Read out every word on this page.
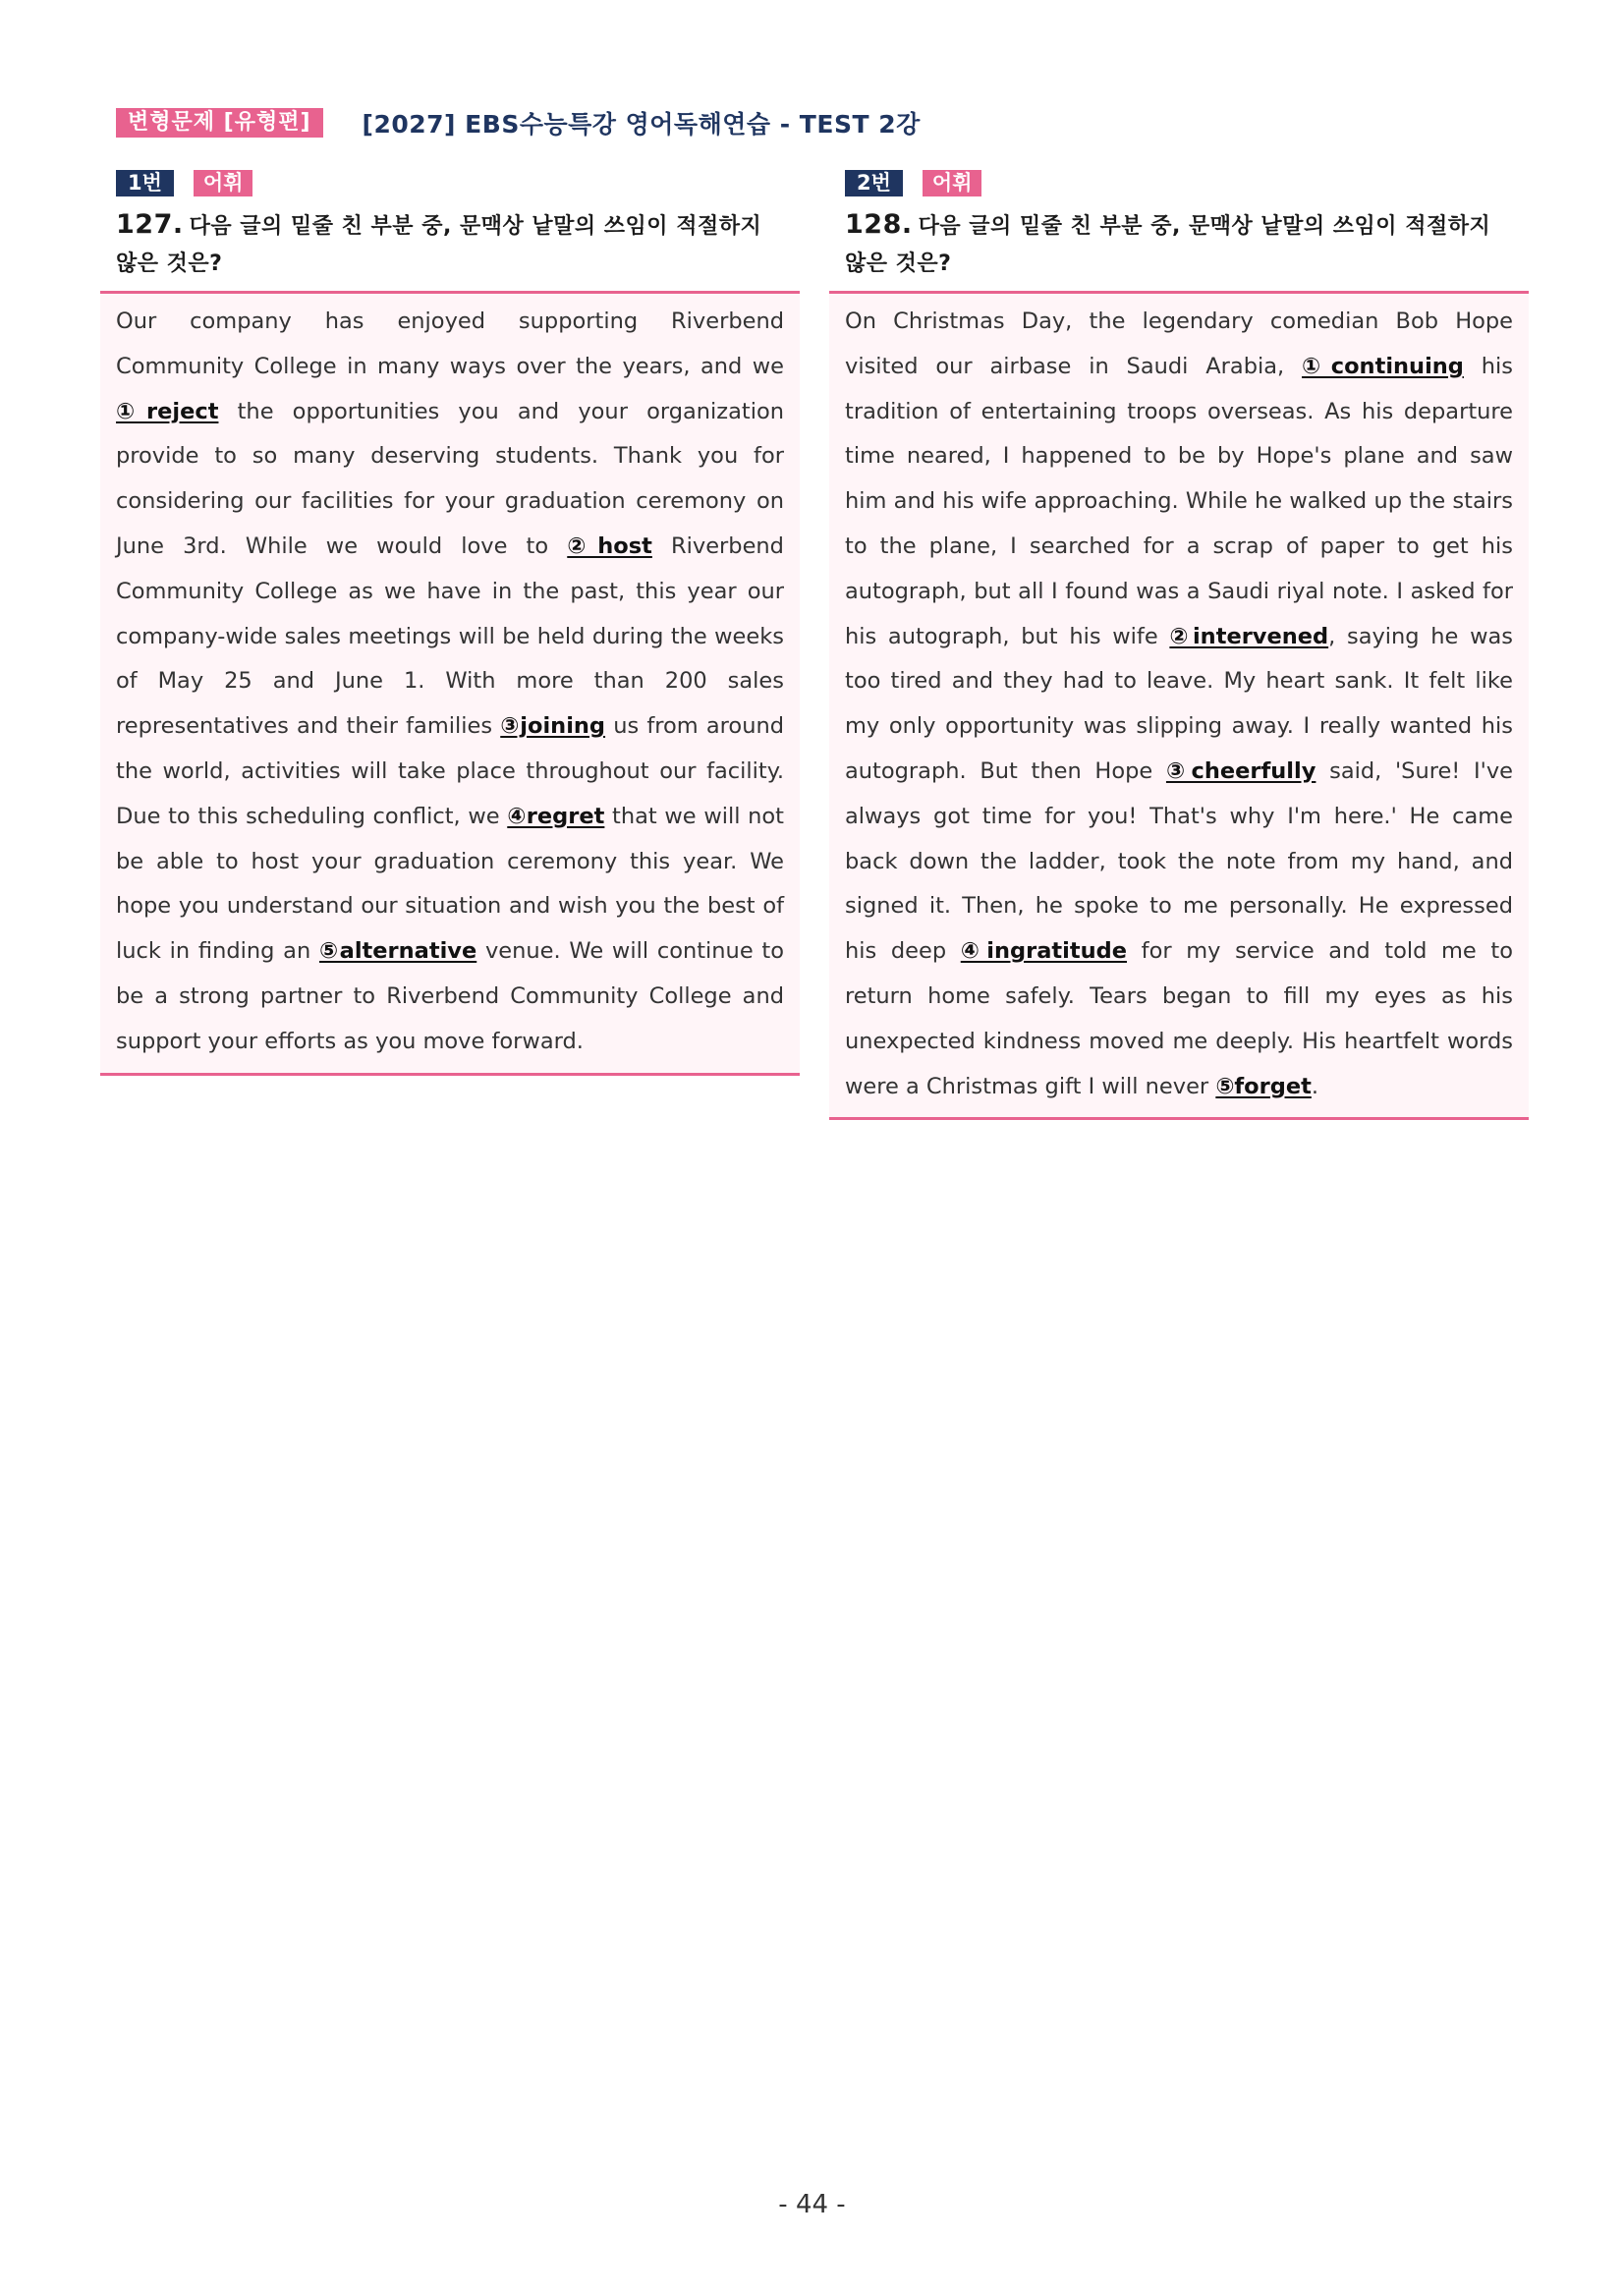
변형문제 [유형편]	[2027] EBS수능특강 영어독해연습 - TEST 2강
1번	어휘
127. 다음 글의 밑줄 친 부분 중, 문맥상 낱말의 쓰임이 적절하지 않은 것은?

Our company has enjoyed supporting Riverbend Community College in many ways over the years, and we ①reject the opportunities you and your organization provide to so many deserving students. Thank you for considering our facilities for your graduation ceremony on June 3rd. While we would love to ②host Riverbend Community College as we have in the past, this year our company-wide sales meetings will be held during the weeks of May 25 and June 1. With more than 200 sales representatives and their families ③joining us from around the world, activities will take place throughout our facility. Due to this scheduling conflict, we ④regret that we will not be able to host your graduation ceremony this year. We hope you understand our situation and wish you the best of luck in finding an ⑤alternative venue. We will continue to be a strong partner to Riverbend Community College and support your efforts as you move forward.

2번	어휘
128. 다음 글의 밑줄 친 부분 중, 문맥상 낱말의 쓰임이 적절하지 않은 것은?

On Christmas Day, the legendary comedian Bob Hope visited our airbase in Saudi Arabia, ①continuing his tradition of entertaining troops overseas. As his departure time neared, I happened to be by Hope's plane and saw him and his wife approaching. While he walked up the stairs to the plane, I searched for a scrap of paper to get his autograph, but all I found was a Saudi riyal note. I asked for his autograph, but his wife ②intervened, saying he was too tired and they had to leave. My heart sank. It felt like my only opportunity was slipping away. I really wanted his autograph. But then Hope ③cheerfully said, 'Sure! I've always got time for you! That's why I'm here.' He came back down the ladder, took the note from my hand, and signed it. Then, he spoke to me personally. He expressed his deep ④ingratitude for my service and told me to return home safely. Tears began to fill my eyes as his unexpected kindness moved me deeply. His heartfelt words were a Christmas gift I will never ⑤forget.

- 44 -
